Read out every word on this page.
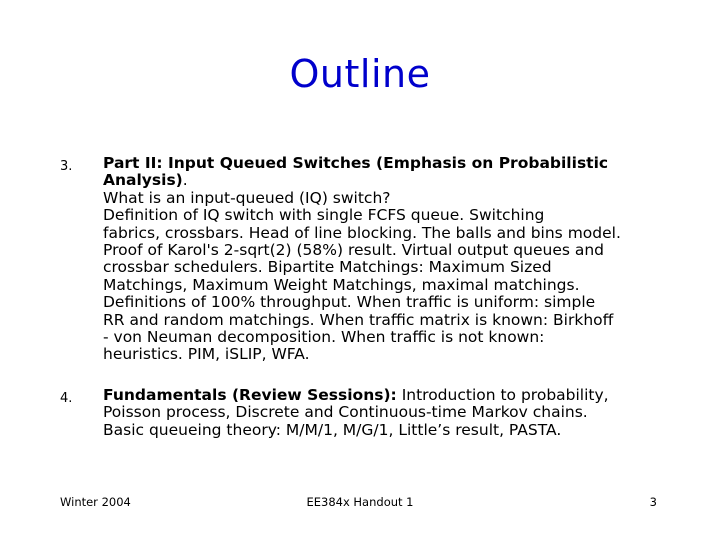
Outline
3. Part II: Input Queued Switches (Emphasis on Probabilistic
Analysis).
What is an input-queued (IQ) switch?
Definition of IQ switch with single FCFS queue. Switching
fabrics, crossbars. Head of line blocking. The balls and bins model.
Proof of Karol's 2-sqrt(2) (58%) result. Virtual output queues and
crossbar schedulers. Bipartite Matchings: Maximum Sized
Matchings, Maximum Weight Matchings, maximal matchings.
Definitions of 100% throughput. When traffic is uniform: simple
RR and random matchings. When traffic matrix is known: Birkhoff
- von Neuman decomposition. When traffic is not known:
heuristics. PIM, iSLIP, WFA.
4. Fundamentals (Review Sessions): Introduction to probability,
Poisson process, Discrete and Continuous-time Markov chains.
Basic queueing theory: M/M/1, M/G/1, Little’s result, PASTA.
Winter 2004	EE384x Handout 1	3
